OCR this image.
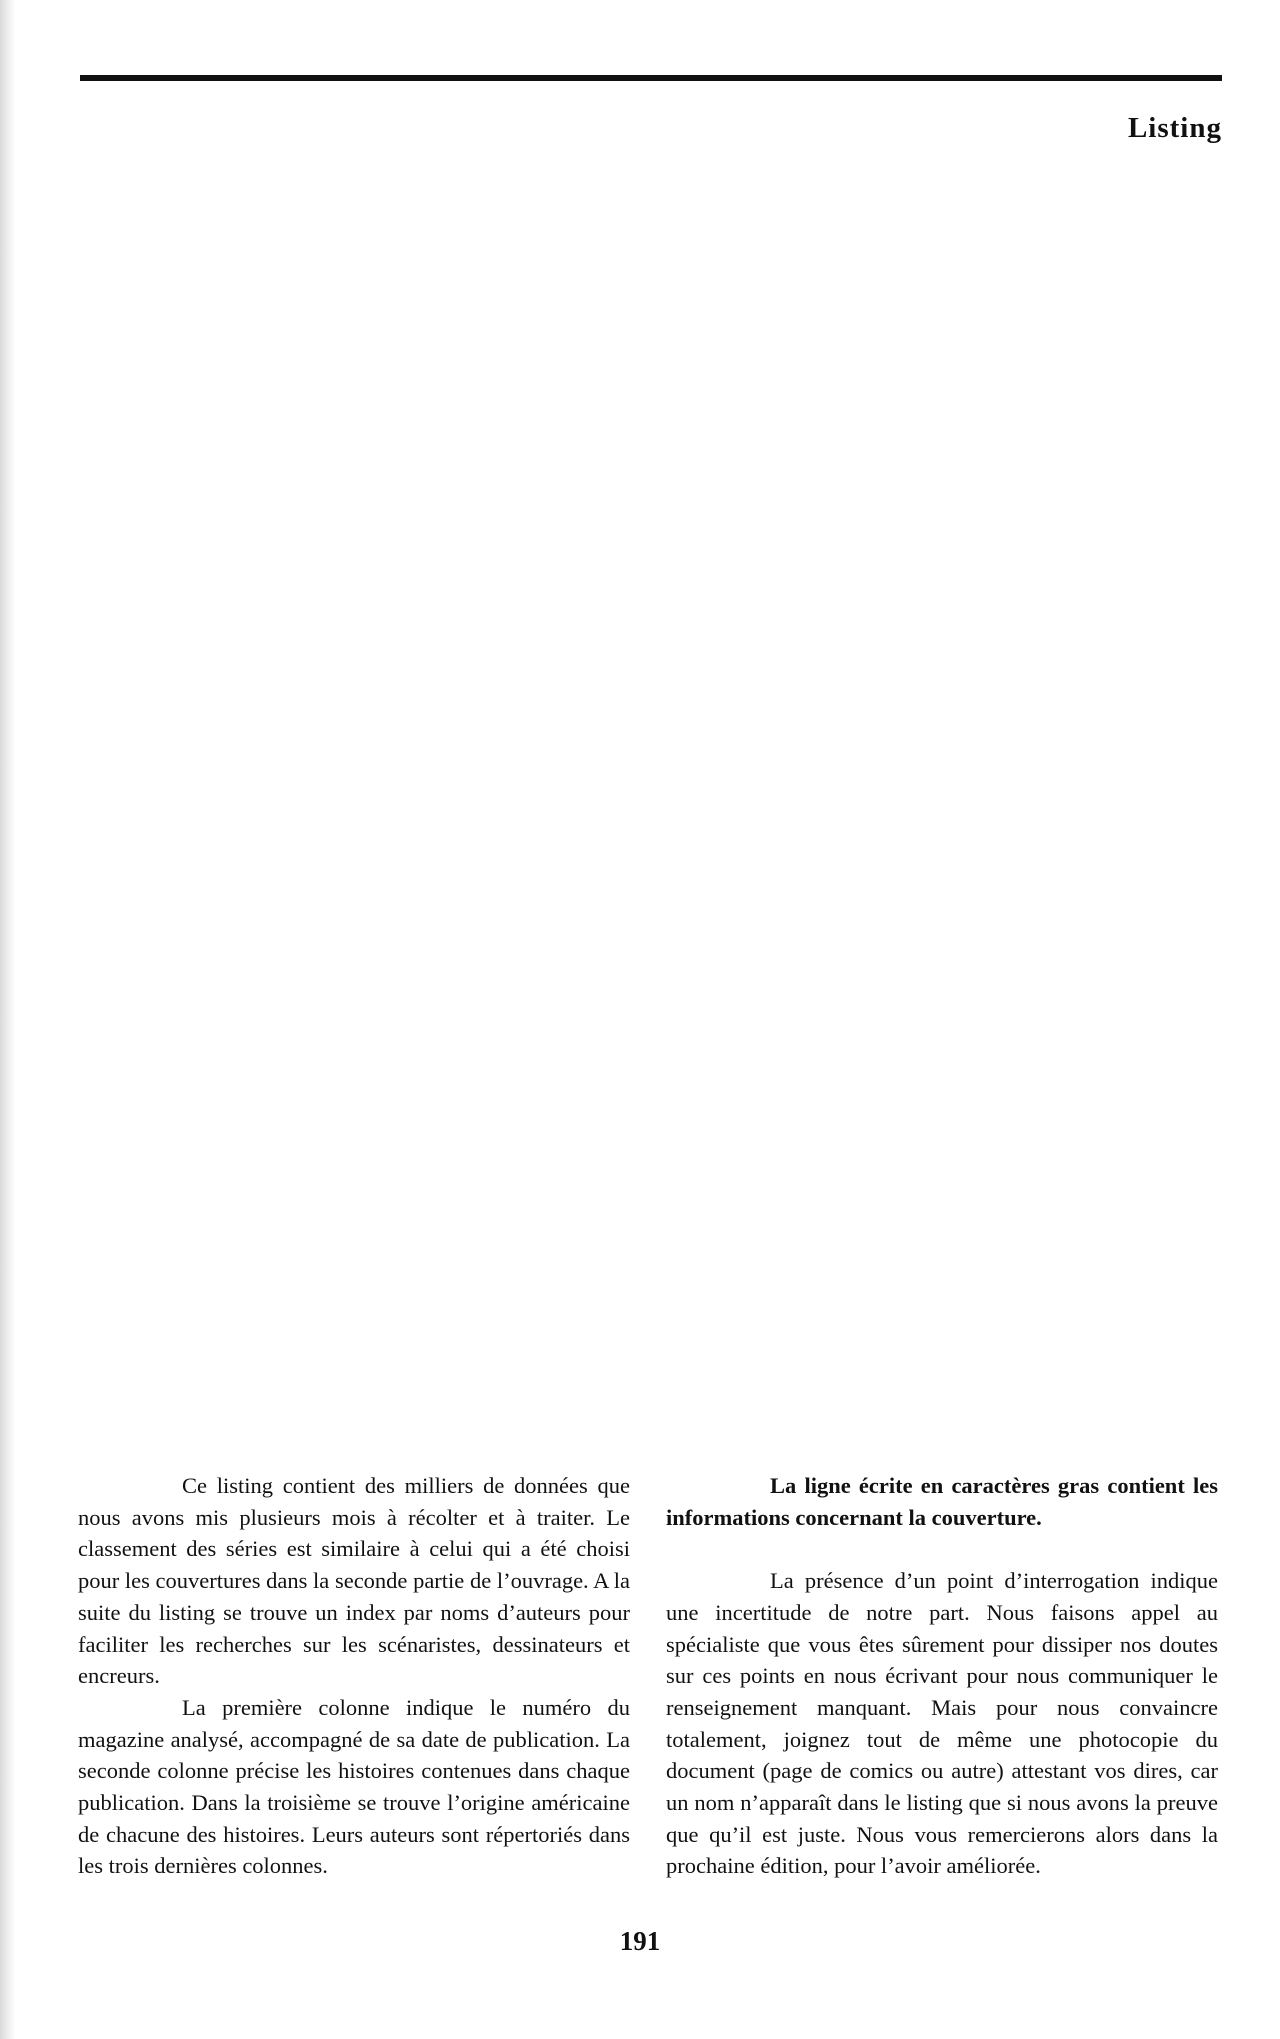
Listing

Ce listing contient des milliers de données que nous avons mis plusieurs mois à récolter et à traiter. Le classement des séries est similaire à celui qui a été choisi pour les couvertures dans la seconde partie de l’ouvrage. A la suite du listing se trouve un index par noms d’auteurs pour faciliter les recherches sur les scénaristes, dessinateurs et encreurs.

La première colonne indique le numéro du magazine analysé, accompagné de sa date de publication. La seconde colonne précise les histoires contenues dans chaque publication. Dans la troisième se trouve l’origine américaine de chacune des histoires. Leurs auteurs sont répertoriés dans les trois dernières colonnes.

La ligne écrite en caractères gras contient les informations concernant la couverture.

La présence d’un point d’interrogation indique une incertitude de notre part. Nous faisons appel au spécialiste que vous êtes sûrement pour dissiper nos doutes sur ces points en nous écrivant pour nous communiquer le renseignement manquant. Mais pour nous convaincre totalement, joignez tout de même une photocopie du document (page de comics ou autre) attestant vos dires, car un nom n’apparaît dans le listing que si nous avons la preuve que qu’il est juste. Nous vous remercierons alors dans la prochaine édition, pour l’avoir améliorée.

191
